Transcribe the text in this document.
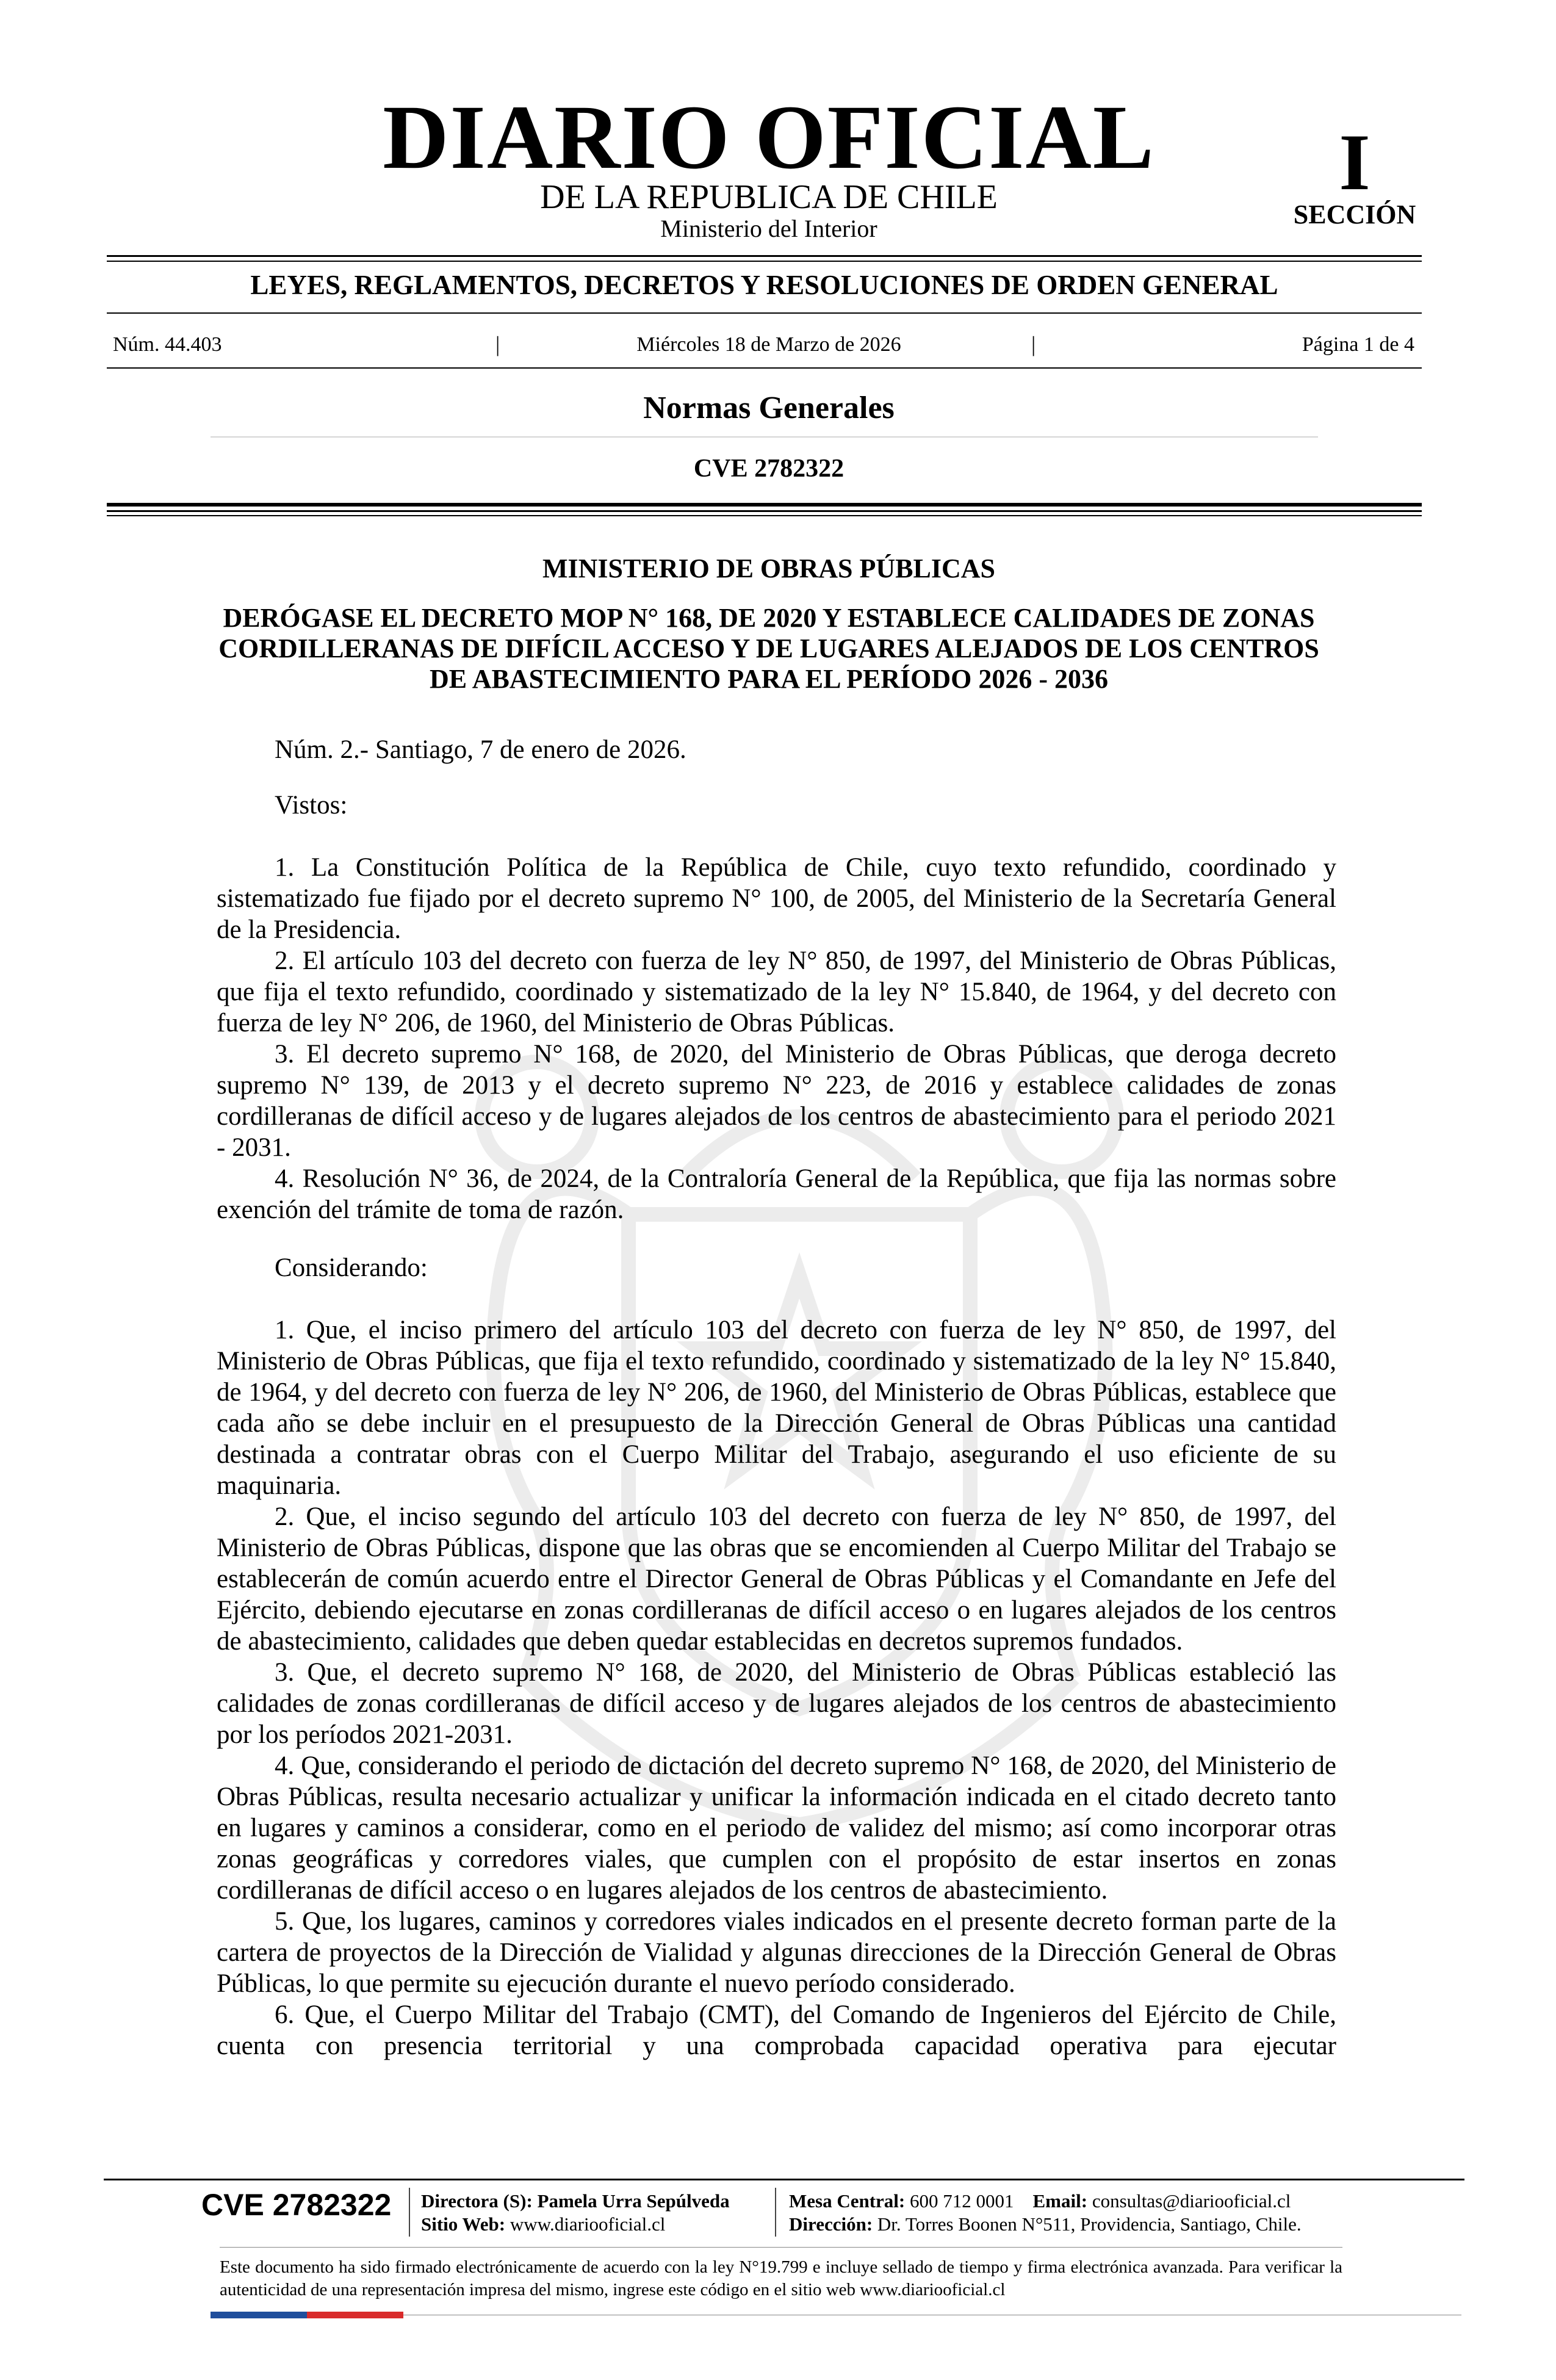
DIARIO OFICIAL
DE LA REPUBLICA DE CHILE
Ministerio del Interior
I
SECCIÓN
LEYES, REGLAMENTOS, DECRETOS Y RESOLUCIONES DE ORDEN GENERAL
Núm. 44.403	|	Miércoles 18 de Marzo de 2026	|	Página 1 de 4
Normas Generales
CVE 2782322
MINISTERIO DE OBRAS PÚBLICAS
DERÓGASE EL DECRETO MOP N° 168, DE 2020 Y ESTABLECE CALIDADES DE ZONAS CORDILLERANAS DE DIFÍCIL ACCESO Y DE LUGARES ALEJADOS DE LOS CENTROS DE ABASTECIMIENTO PARA EL PERÍODO 2026 - 2036
Núm. 2.- Santiago, 7 de enero de 2026.
Vistos:

1. La Constitución Política de la República de Chile, cuyo texto refundido, coordinado y sistematizado fue fijado por el decreto supremo N° 100, de 2005, del Ministerio de la Secretaría General de la Presidencia.

2. El artículo 103 del decreto con fuerza de ley N° 850, de 1997, del Ministerio de Obras Públicas, que fija el texto refundido, coordinado y sistematizado de la ley N° 15.840, de 1964, y del decreto con fuerza de ley N° 206, de 1960, del Ministerio de Obras Públicas.

3. El decreto supremo N° 168, de 2020, del Ministerio de Obras Públicas, que deroga decreto supremo N° 139, de 2013 y el decreto supremo N° 223, de 2016 y establece calidades de zonas cordilleranas de difícil acceso y de lugares alejados de los centros de abastecimiento para el periodo 2021 - 2031.

4. Resolución N° 36, de 2024, de la Contraloría General de la República, que fija las normas sobre exención del trámite de toma de razón.

Considerando:

1. Que, el inciso primero del artículo 103 del decreto con fuerza de ley N° 850, de 1997, del Ministerio de Obras Públicas, que fija el texto refundido, coordinado y sistematizado de la ley N° 15.840, de 1964, y del decreto con fuerza de ley N° 206, de 1960, del Ministerio de Obras Públicas, establece que cada año se debe incluir en el presupuesto de la Dirección General de Obras Públicas una cantidad destinada a contratar obras con el Cuerpo Militar del Trabajo, asegurando el uso eficiente de su maquinaria.

2. Que, el inciso segundo del artículo 103 del decreto con fuerza de ley N° 850, de 1997, del Ministerio de Obras Públicas, dispone que las obras que se encomienden al Cuerpo Militar del Trabajo se establecerán de común acuerdo entre el Director General de Obras Públicas y el Comandante en Jefe del Ejército, debiendo ejecutarse en zonas cordilleranas de difícil acceso o en lugares alejados de los centros de abastecimiento, calidades que deben quedar establecidas en decretos supremos fundados.

3. Que, el decreto supremo N° 168, de 2020, del Ministerio de Obras Públicas estableció las calidades de zonas cordilleranas de difícil acceso y de lugares alejados de los centros de abastecimiento por los períodos 2021-2031.

4. Que, considerando el periodo de dictación del decreto supremo N° 168, de 2020, del Ministerio de Obras Públicas, resulta necesario actualizar y unificar la información indicada en el citado decreto tanto en lugares y caminos a considerar, como en el periodo de validez del mismo; así como incorporar otras zonas geográficas y corredores viales, que cumplen con el propósito de estar insertos en zonas cordilleranas de difícil acceso o en lugares alejados de los centros de abastecimiento.

5. Que, los lugares, caminos y corredores viales indicados en el presente decreto forman parte de la cartera de proyectos de la Dirección de Vialidad y algunas direcciones de la Dirección General de Obras Públicas, lo que permite su ejecución durante el nuevo período considerado.

6. Que, el Cuerpo Militar del Trabajo (CMT), del Comando de Ingenieros del Ejército de Chile, cuenta con presencia territorial y una comprobada capacidad operativa para ejecutar

CVE 2782322 Directora (S): Pamela Urra Sepúlveda
Sitio Web: www.diariooficial.cl
Mesa Central: 600 712 0001 Email: consultas@diariooficial.cl
Dirección: Dr. Torres Boonen N°511, Providencia, Santiago, Chile.
Este documento ha sido firmado electrónicamente de acuerdo con la ley N°19.799 e incluye sellado de tiempo y firma electrónica avanzada. Para verificar la autenticidad de una representación impresa del mismo, ingrese este código en el sitio web www.diariooficial.cl
